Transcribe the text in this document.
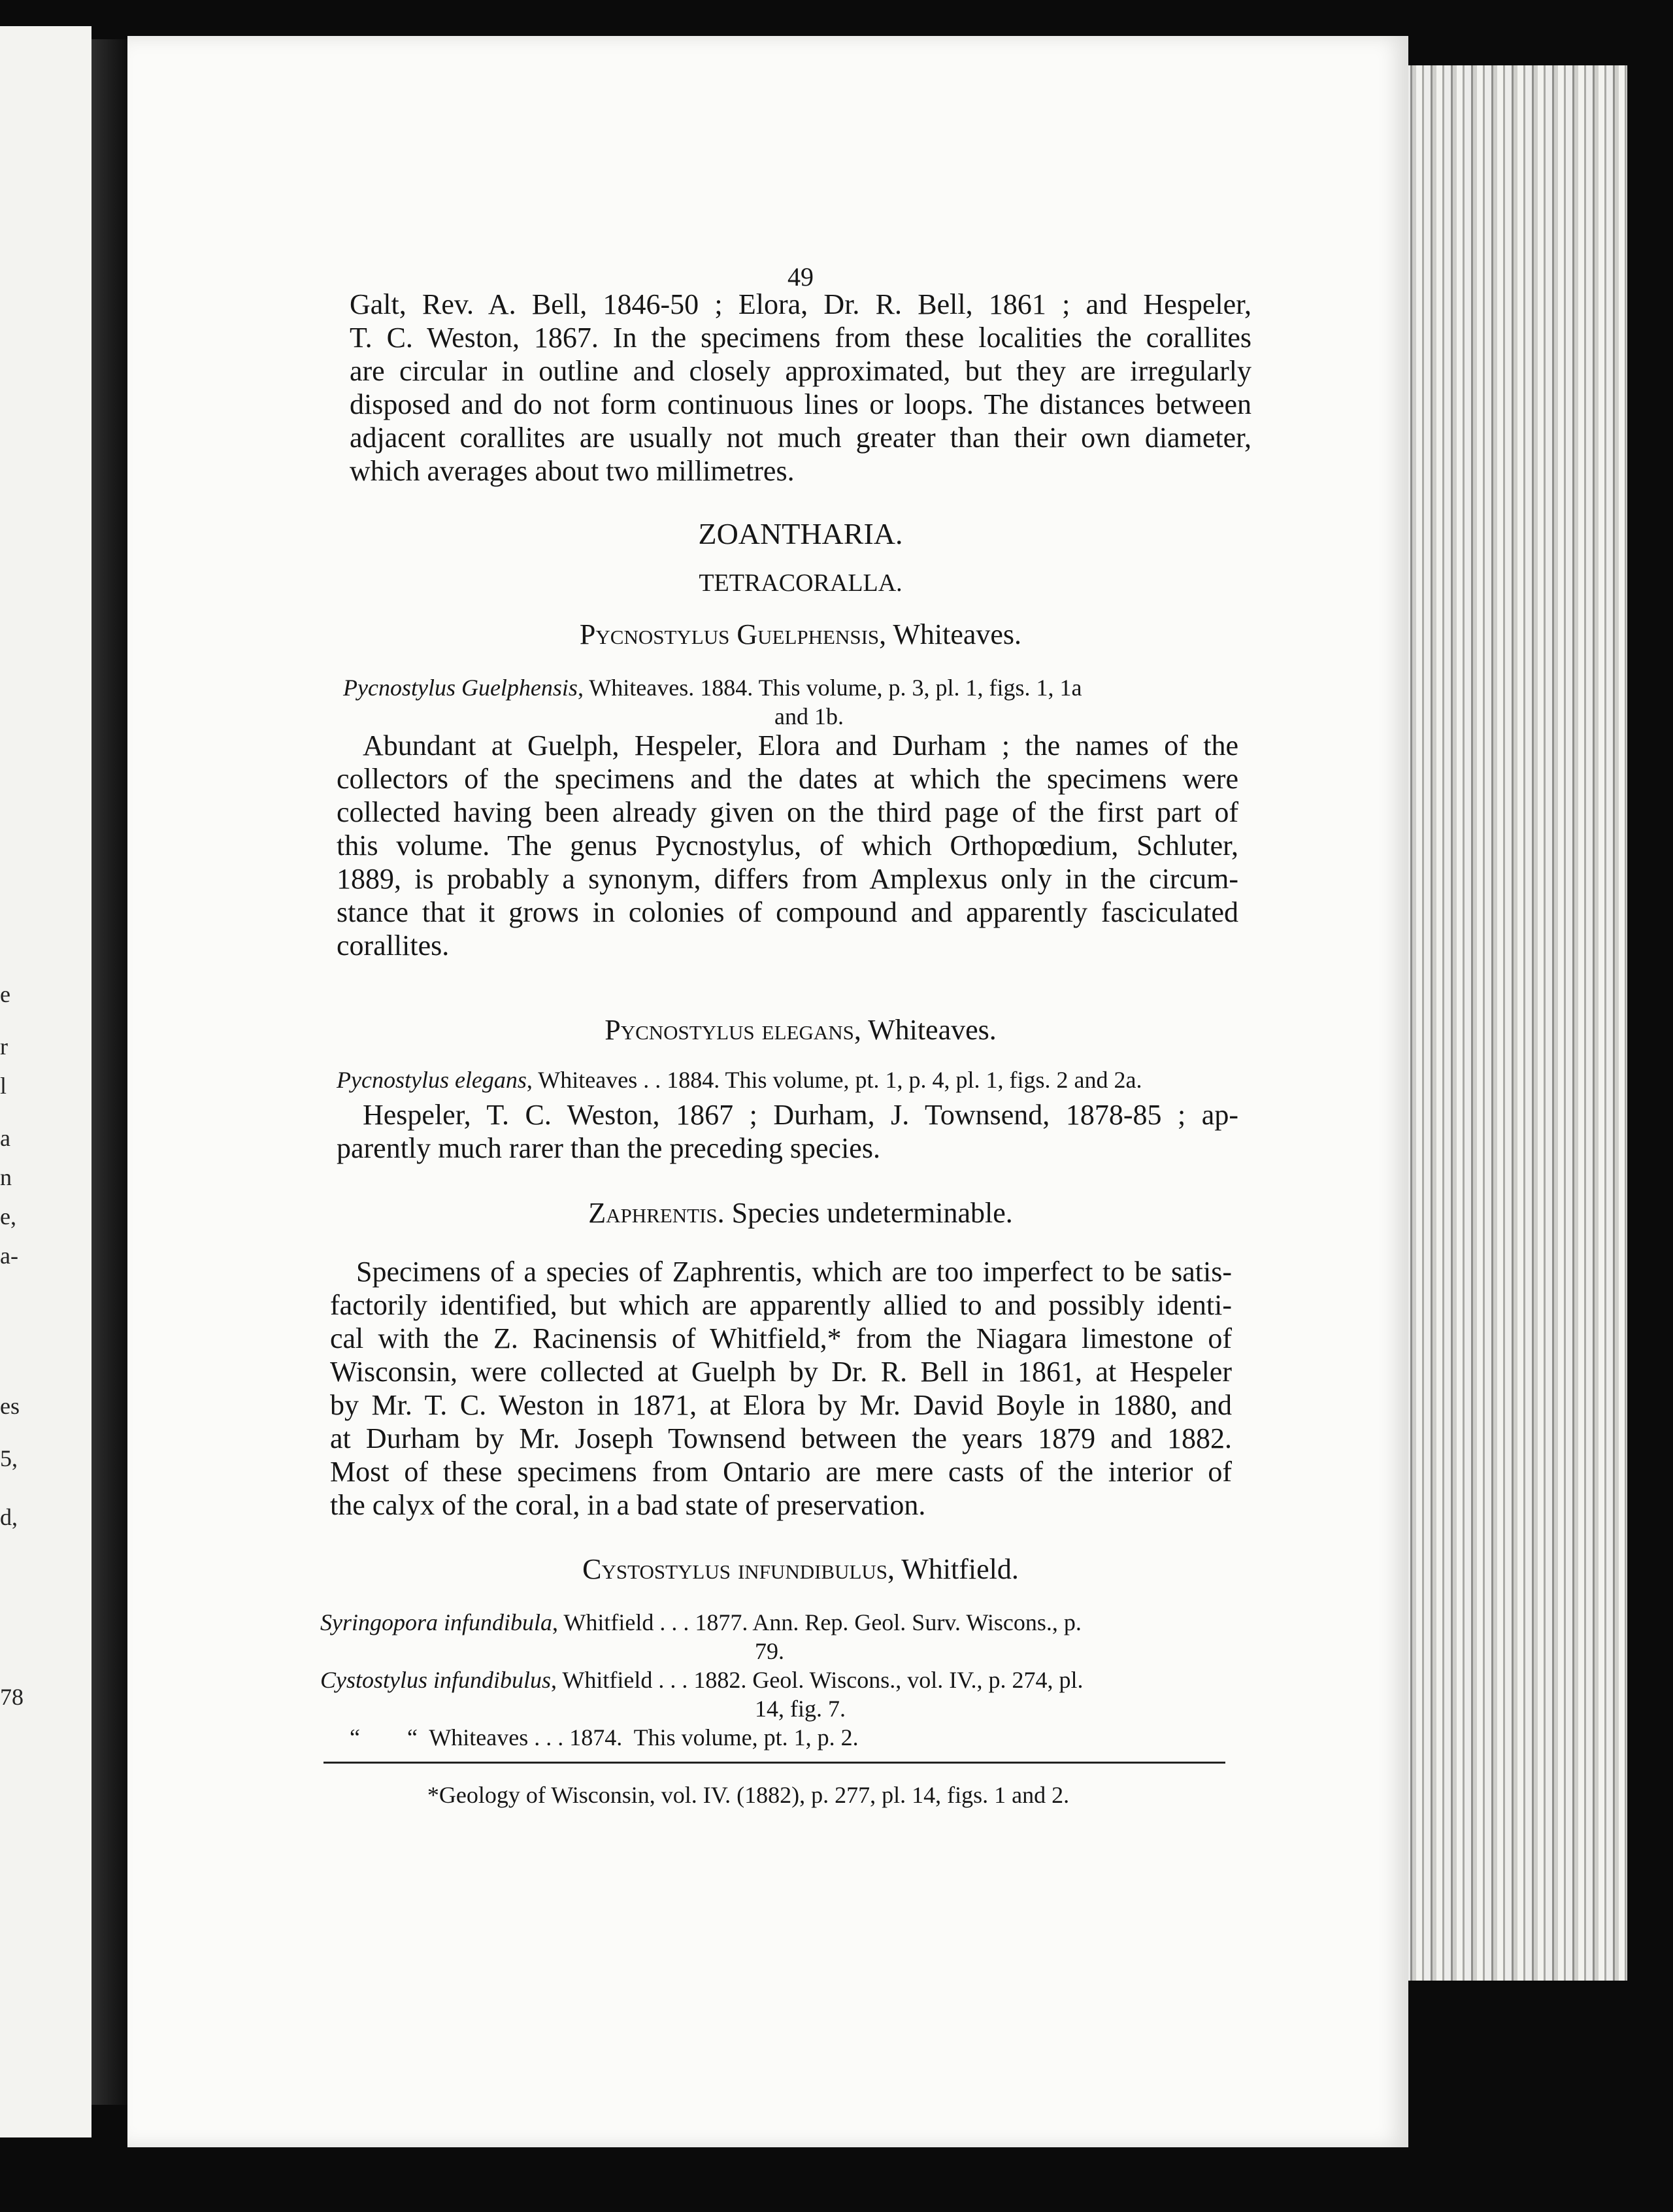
e
r
l
a
n
e,
a-
es
5,
d,
78
49
Galt, Rev. A. Bell, 1846-50 ; Elora, Dr. R. Bell, 1861 ; and Hespeler,
T. C. Weston, 1867. In the specimens from these localities the corallites
are circular in outline and closely approximated, but they are irregularly
disposed and do not form continuous lines or loops. The distances between
adjacent corallites are usually not much greater than their own diameter,
which averages about two millimetres.
ZOANTHARIA.
TETRACORALLA.
Pycnostylus Guelphensis, Whiteaves.
Pycnostylus Guelphensis, Whiteaves. 1884. This volume, p. 3, pl. 1, figs. 1, 1a
and 1b.
Abundant at Guelph, Hespeler, Elora and Durham ; the names of the
collectors of the specimens and the dates at which the specimens were
collected having been already given on the third page of the first part of
this volume. The genus Pycnostylus, of which Orthopœdium, Schluter,
1889, is probably a synonym, differs from Amplexus only in the circum-
stance that it grows in colonies of compound and apparently fasciculated
corallites.
Pycnostylus elegans, Whiteaves.
Pycnostylus elegans, Whiteaves . . 1884. This volume, pt. 1, p. 4, pl. 1, figs. 2 and 2a.
Hespeler, T. C. Weston, 1867 ; Durham, J. Townsend, 1878-85 ; ap-
parently much rarer than the preceding species.
Zaphrentis. Species undeterminable.
Specimens of a species of Zaphrentis, which are too imperfect to be satis-
factorily identified, but which are apparently allied to and possibly identi-
cal with the Z. Racinensis of Whitfield,* from the Niagara limestone of
Wisconsin, were collected at Guelph by Dr. R. Bell in 1861, at Hespeler
by Mr. T. C. Weston in 1871, at Elora by Mr. David Boyle in 1880, and
at Durham by Mr. Joseph Townsend between the years 1879 and 1882.
Most of these specimens from Ontario are mere casts of the interior of
the calyx of the coral, in a bad state of preservation.
Cystostylus infundibulus, Whitfield.
Syringopora infundibula, Whitfield . . . 1877. Ann. Rep. Geol. Surv. Wiscons., p.
79.
Cystostylus infundibulus, Whitfield . . . 1882. Geol. Wiscons., vol. IV., p. 274, pl.
14, fig. 7.
“        “  Whiteaves . . . 1874.  This volume, pt. 1, p. 2.
*Geology of Wisconsin, vol. IV. (1882), p. 277, pl. 14, figs. 1 and 2.
